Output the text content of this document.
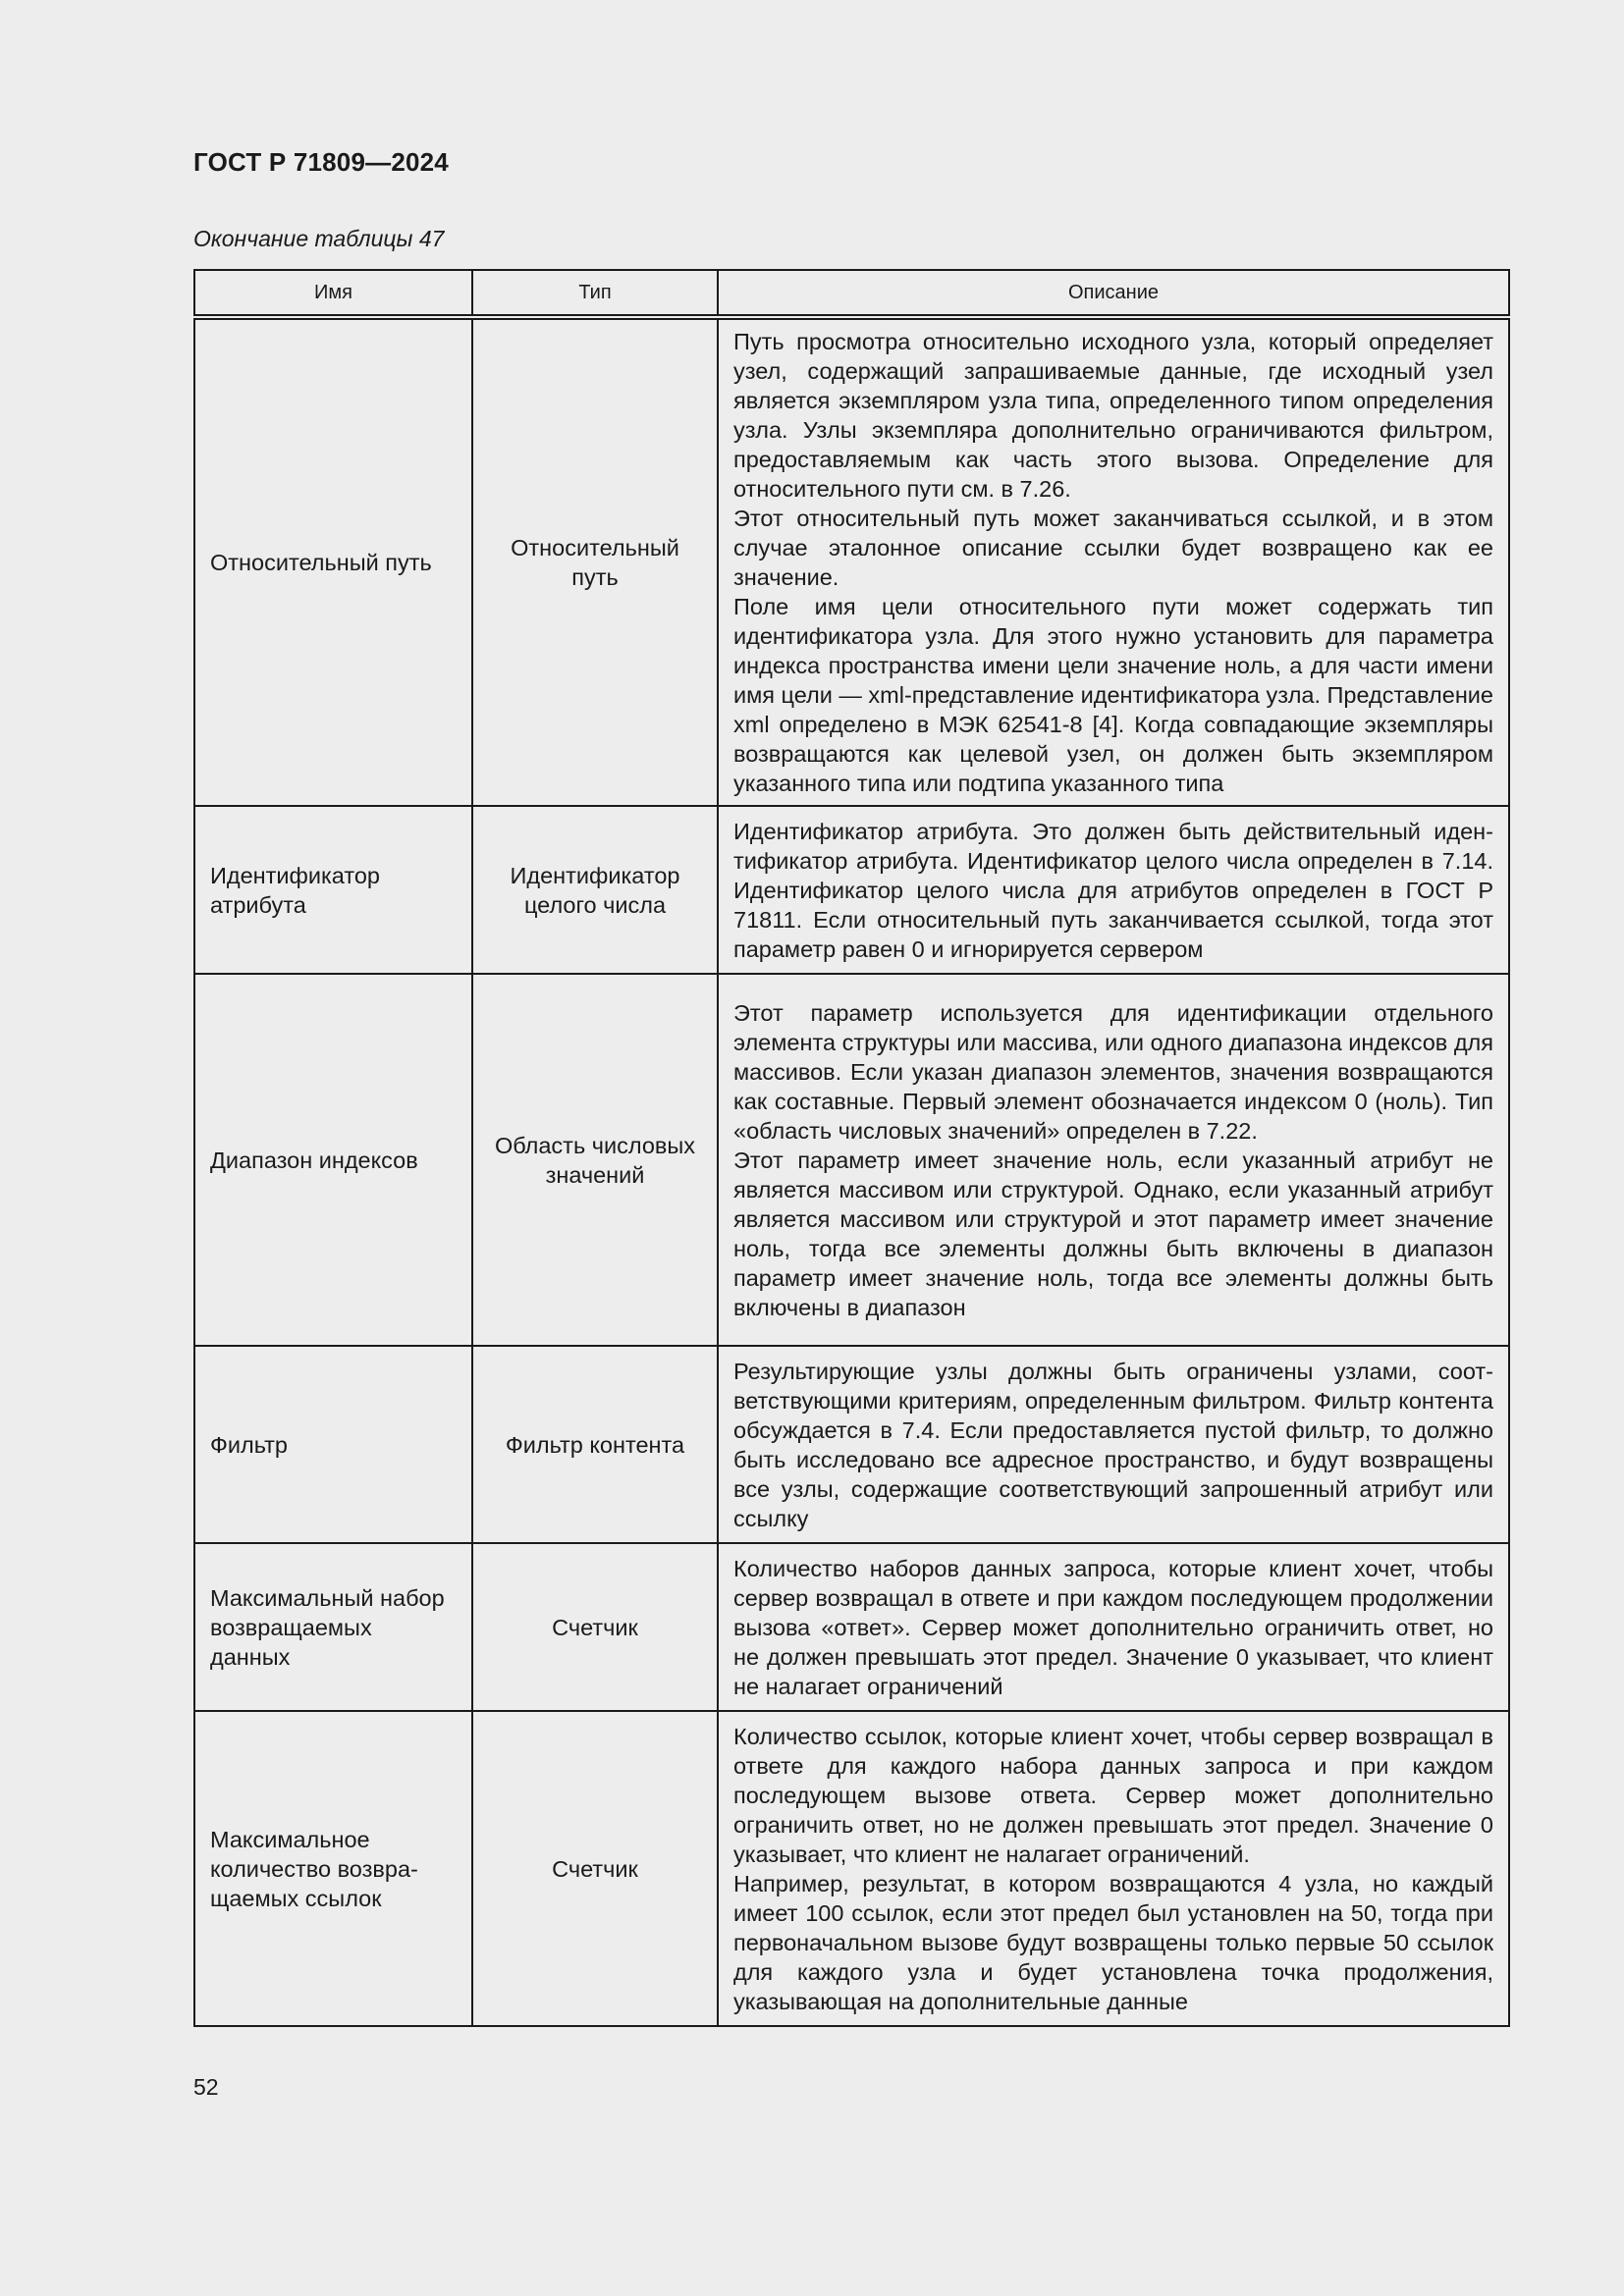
ГОСТ Р 71809—2024
Окончание таблицы 47
Имя	Тип	Описание
Относительный путь	Относительный путь	Путь просмотра относительно исходного узла, который определяет узел, содержащий запрашиваемые данные, где исходный узел является экземпляром узла типа, определенного типом определения узла. Узлы экземпляра дополнительно ограничиваются фильтром, предоставляемым как часть этого вызова. Определение для относительного пути см. в 7.26.

Этот относительный путь может заканчиваться ссылкой, и в этом случае эталонное описание ссылки будет возвращено как ее значение.

Поле имя цели относительного пути может содержать тип идентификатора узла. Для этого нужно установить для параметра индекса пространства имени цели значение ноль, а для части имени имя цели — xml-представление идентификатора узла. Представление xml определено в МЭК 62541-8 [4]. Когда совпадающие экземпляры возвращаются как целевой узел, он должен быть экземпляром указанного типа или подтипа указанного типа

Идентификатор атрибута	Идентификатор целого числа	Идентификатор атрибута. Это должен быть действительный идентификатор атрибута. Идентификатор целого числа определен в 7.14. Идентификатор целого числа для атрибутов определен в ГОСТ Р 71811. Если относительный путь заканчивается ссылкой, тогда этот параметр равен 0 и игнорируется сервером

Диапазон индексов	Область числовых значений	Этот параметр используется для идентификации отдельного элемента структуры или массива, или одного диапазона индексов для массивов. Если указан диапазон элементов, значения возвращаются как составные. Первый элемент обозначается индексом 0 (ноль). Тип «область числовых значений» определен в 7.22.

Этот параметр имеет значение ноль, если указанный атрибут не является массивом или структурой. Однако, если указанный атрибут является массивом или структурой и этот параметр имеет значение ноль, тогда все элементы должны быть включены в диапазон параметр имеет значение ноль, тогда все элементы должны быть включены в диапазон

Фильтр	Фильтр контента	Результирующие узлы должны быть ограничены узлами, соответствующими критериям, определенным фильтром. Фильтр контента обсуждается в 7.4. Если предоставляется пустой фильтр, то должно быть исследовано все адресное пространство, и будут возвращены все узлы, содержащие соответствующий запрошенный атрибут или ссылку

Максимальный набор возвращаемых данных	Счетчик	Количество наборов данных запроса, которые клиент хочет, чтобы сервер возвращал в ответе и при каждом последующем продолжении вызова «ответ». Сервер может дополнительно ограничить ответ, но не должен превышать этот предел. Значение 0 указывает, что клиент не налагает ограничений

Максимальное количество возвращаемых ссылок	Счетчик	Количество ссылок, которые клиент хочет, чтобы сервер возвращал в ответе для каждого набора данных запроса и при каждом последующем вызове ответа. Сервер может дополнительно ограничить ответ, но не должен превышать этот предел. Значение 0 указывает, что клиент не налагает ограничений.

Например, результат, в котором возвращаются 4 узла, но каждый имеет 100 ссылок, если этот предел был установлен на 50, тогда при первоначальном вызове будут возвращены только первые 50 ссылок для каждого узла и будет установлена точка продолжения, указывающая на дополнительные данные

52
